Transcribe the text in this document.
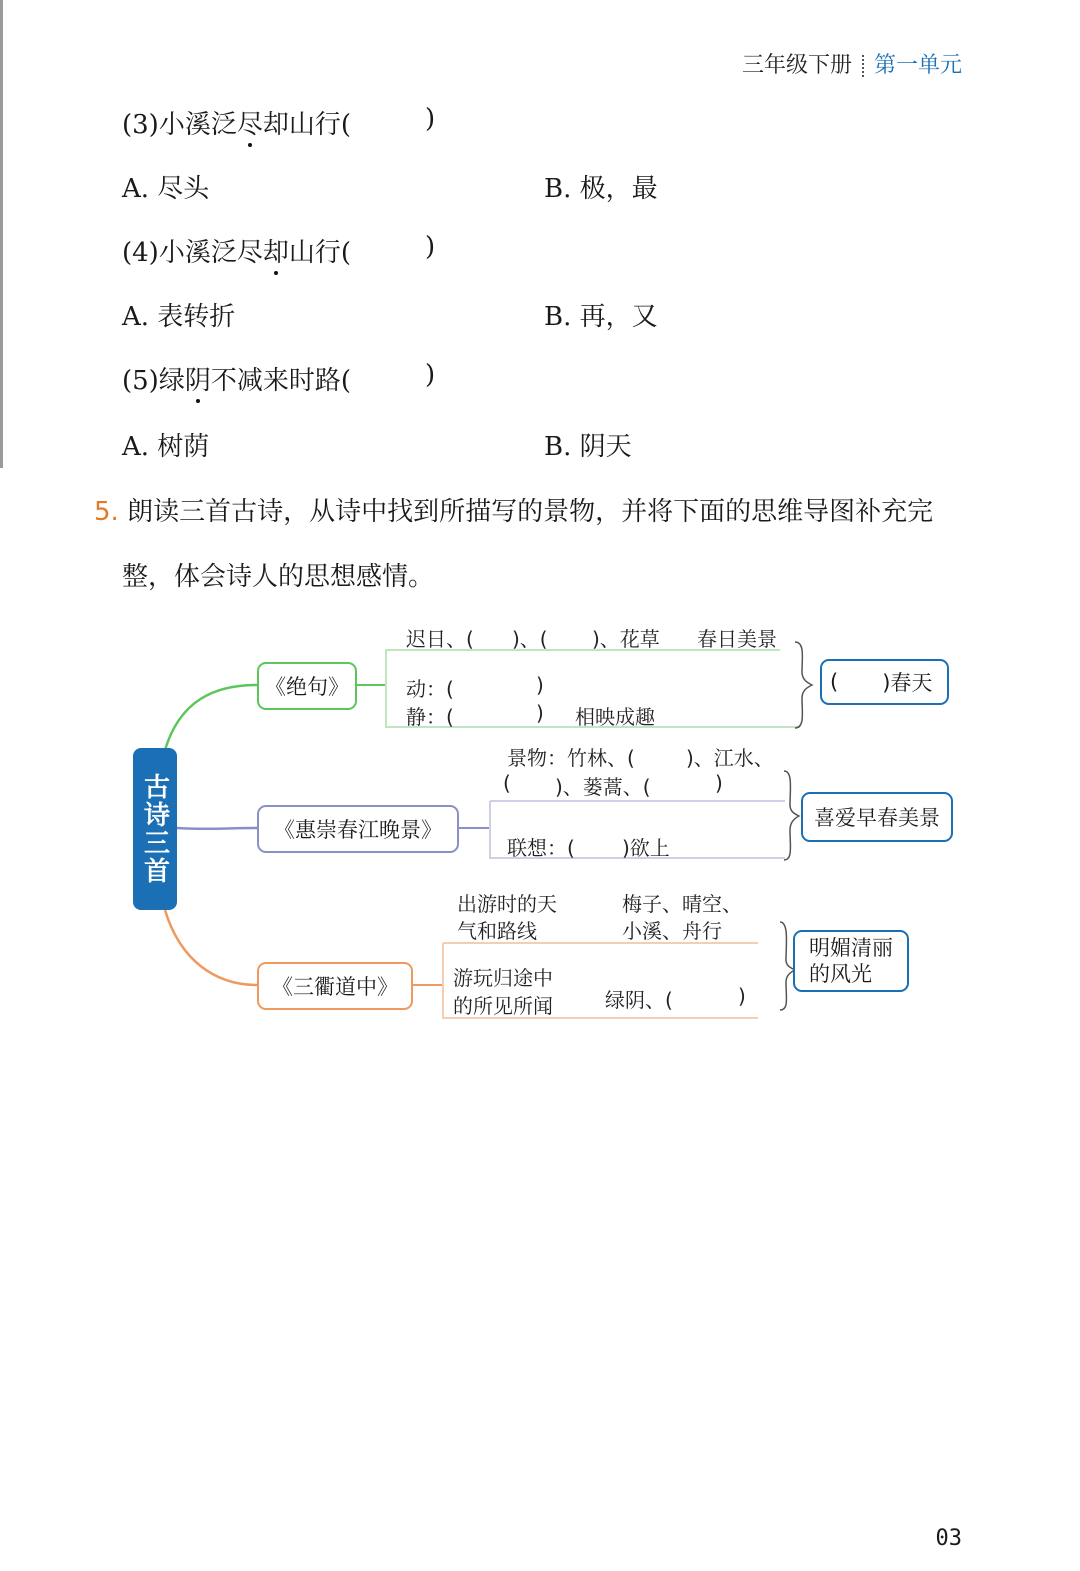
三年级下册 第一单元
(3)小溪泛尽却山行(	)
A. 尽头	B. 极，最
(4)小溪泛尽却山行(	)
A. 表转折	B. 再，又
(5)绿阴不减来时路(	)
A. 树荫	B. 阴天
5. 朗读三首古诗，从诗中找到所描写的景物，并将下面的思维导图补充完
整，体会诗人的思想感情。
古诗三首
《绝句》
迟日、( )、( )、花草 春日美景
动：(	)
静：(	) 相映成趣
( )春天
《惠崇春江晚景》
景物：竹林、(	)、江水、
( )、蒌蒿、(	)
联想：( )欲上
喜爱早春美景
《三衢道中》
出游时的天
气和路线
梅子、晴空、
小溪、舟行
游玩归途中
的所见所闻	绿阴、(	)
明媚清丽
的风光
03
